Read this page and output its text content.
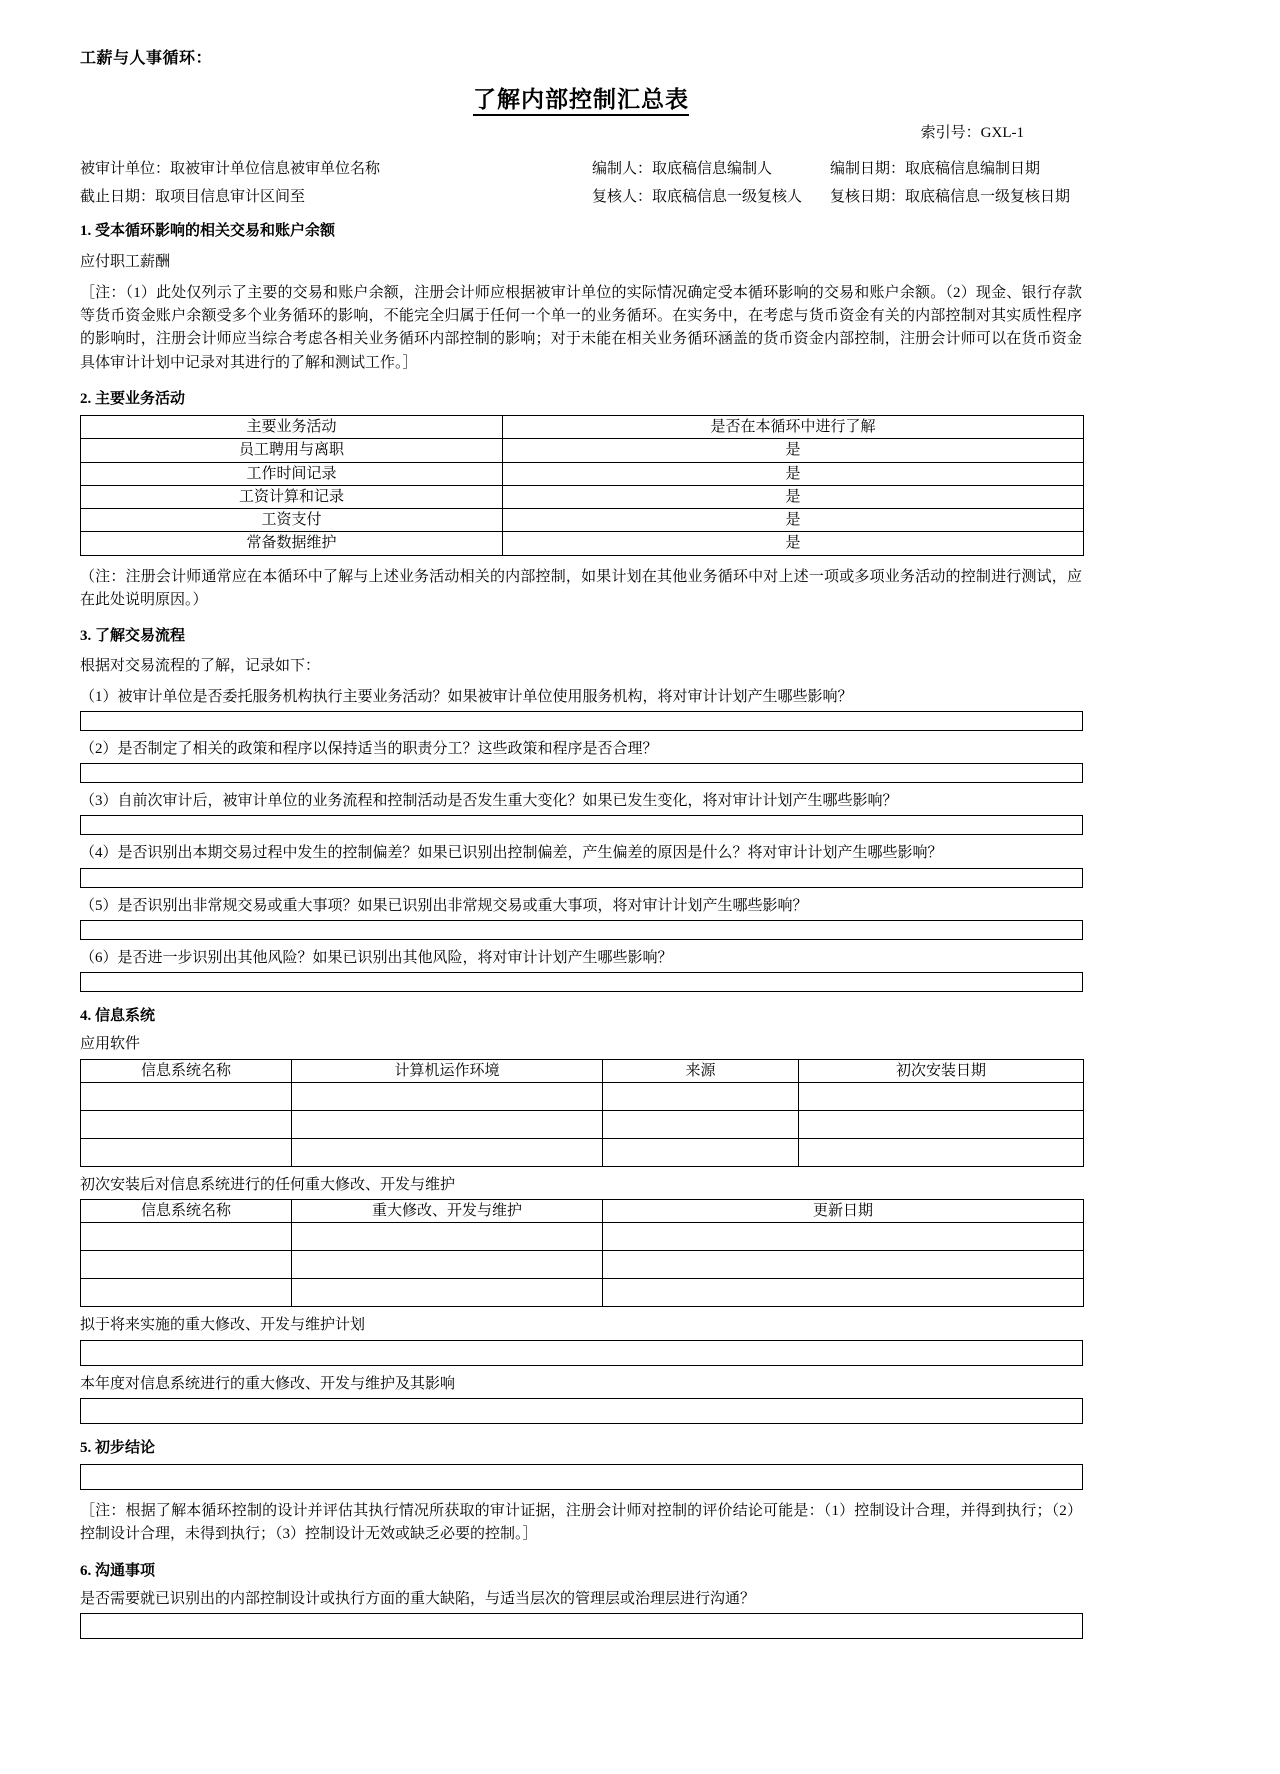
工薪与人事循环：
了解内部控制汇总表
索引号：GXL-1
被审计单位：取被审计单位信息被审单位名称	编制人：取底稿信息编制人	编制日期：取底稿信息编制日期
截止日期：取项目信息审计区间至	复核人：取底稿信息一级复核人	复核日期：取底稿信息一级复核日期
1. 受本循环影响的相关交易和账户余额
应付职工薪酬
［注：（1）此处仅列示了主要的交易和账户余额，注册会计师应根据被审计单位的实际情况确定受本循环影响的交易和账户余额。（2）现金、银行存款等货币资金账户余额受多个业务循环的影响，不能完全归属于任何一个单一的业务循环。在实务中，在考虑与货币资金有关的内部控制对其实质性程序的影响时，注册会计师应当综合考虑各相关业务循环内部控制的影响；对于未能在相关业务循环涵盖的货币资金内部控制，注册会计师可以在货币资金具体审计计划中记录对其进行的了解和测试工作。］
2. 主要业务活动
主要业务活动	是否在本循环中进行了解
员工聘用与离职	是
工作时间记录	是
工资计算和记录	是
工资支付	是
常备数据维护	是
（注：注册会计师通常应在本循环中了解与上述业务活动相关的内部控制，如果计划在其他业务循环中对上述一项或多项业务活动的控制进行测试，应在此处说明原因。）
3. 了解交易流程
根据对交易流程的了解，记录如下：
（1）被审计单位是否委托服务机构执行主要业务活动？如果被审计单位使用服务机构，将对审计计划产生哪些影响？
（2）是否制定了相关的政策和程序以保持适当的职责分工？这些政策和程序是否合理？
（3）自前次审计后，被审计单位的业务流程和控制活动是否发生重大变化？如果已发生变化，将对审计计划产生哪些影响？
（4）是否识别出本期交易过程中发生的控制偏差？如果已识别出控制偏差，产生偏差的原因是什么？将对审计计划产生哪些影响？
（5）是否识别出非常规交易或重大事项？如果已识别出非常规交易或重大事项，将对审计计划产生哪些影响？
（6）是否进一步识别出其他风险？如果已识别出其他风险，将对审计计划产生哪些影响？
4. 信息系统
应用软件
信息系统名称	计算机运作环境	来源	初次安装日期

初次安装后对信息系统进行的任何重大修改、开发与维护
信息系统名称	重大修改、开发与维护	更新日期

拟于将来实施的重大修改、开发与维护计划
本年度对信息系统进行的重大修改、开发与维护及其影响
5. 初步结论
［注：根据了解本循环控制的设计并评估其执行情况所获取的审计证据，注册会计师对控制的评价结论可能是：（1）控制设计合理，并得到执行；（2）控制设计合理，未得到执行；（3）控制设计无效或缺乏必要的控制。］
6. 沟通事项
是否需要就已识别出的内部控制设计或执行方面的重大缺陷，与适当层次的管理层或治理层进行沟通？
